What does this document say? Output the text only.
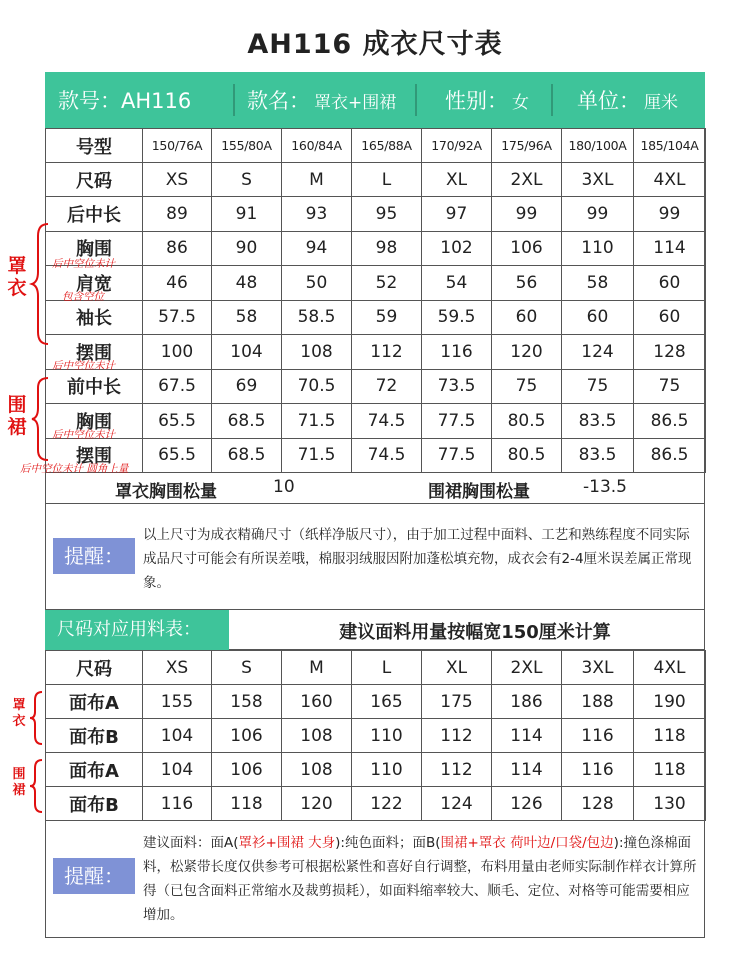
AH116 成衣尺寸表
款号：AH116	款名： 罩衣+围裙 性别： 女 单位： 厘米
号型	150/76A	155/80A	160/84A	165/88A	170/92A	175/96A	180/100A	185/104A
尺码	XS	S	M	L	XL	2XL	3XL	4XL
后中长	89	91	93	95	97	99	99	99
胸围	86	90	94	98	102	106	110	114
肩宽	46	48	50	52	54	56	58	60
袖长	57.5	58	58.5	59	59.5	60	60	60
摆围	100	104	108	112	116	120	124	128
前中长	67.5	69	70.5	72	73.5	75	75	75
胸围	65.5	68.5	71.5	74.5	77.5	80.5	83.5	86.5
摆围	65.5	68.5	71.5	74.5	77.5	80.5	83.5	86.5
罩衣胸围松量	10	围裙胸围松量	-13.5
提醒：
以上尺寸为成衣精确尺寸（纸样净版尺寸），由于加工过程中面料、工艺和熟练程度不同实际成品尺寸可能会有所误差哦，棉服羽绒服因附加蓬松填充物，成衣会有2-4厘米误差属正常现象。
尺码对应用料表：	建议面料用量按幅宽150厘米计算
尺码	XS	S	M	L	XL	2XL	3XL	4XL
面布A	155	158	160	165	175	186	188	190
面布B	104	106	108	110	112	114	116	118
面布A	104	106	108	110	112	114	116	118
面布B	116	118	120	122	124	126	128	130
提醒：
建议面料：面A(罩衫+围裙 大身):纯色面料；面B(围裙+罩衣 荷叶边/口袋/包边):撞色涤棉面料，松紧带长度仅供参考可根据松紧性和喜好自行调整，布料用量由老师实际制作样衣计算所得（已包含面料正常缩水及裁剪损耗），如面料缩率较大、顺毛、定位、对格等可能需要相应增加。
罩衣
围裙
后中空位未计
包含空位
后中空位未计
后中空位未计
后中空位未计 圆角上量
罩衣
围裙
